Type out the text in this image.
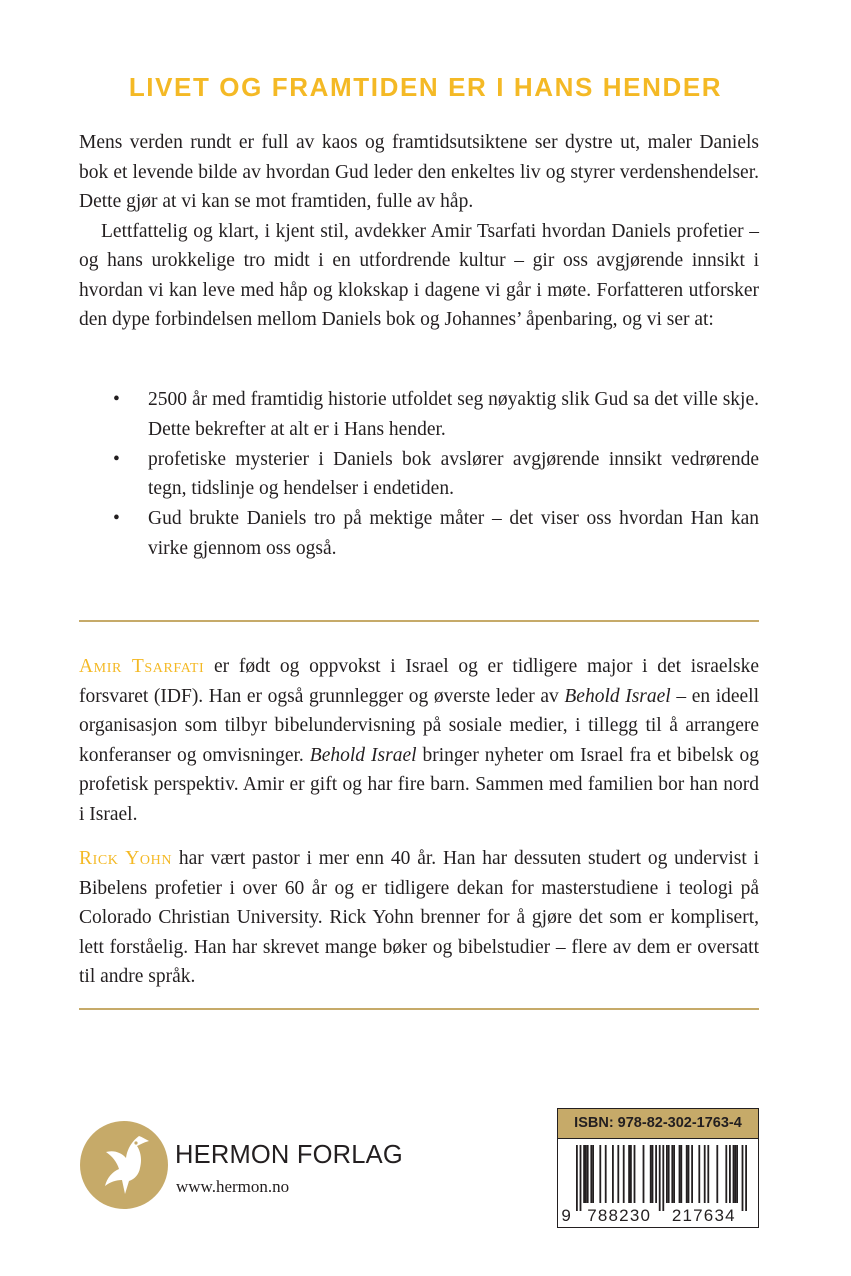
LIVET OG FRAMTIDEN ER I HANS HENDER

Mens verden rundt er full av kaos og framtidsutsiktene ser dystre ut, maler Daniels bok et levende bilde av hvordan Gud leder den enkeltes liv og styrer verdenshendelser. Dette gjør at vi kan se mot framtiden, fulle av håp.

Lettfattelig og klart, i kjent stil, avdekker Amir Tsarfati hvordan Daniels profetier – og hans urokkelige tro midt i en utfordrende kultur – gir oss avgjørende innsikt i hvordan vi kan leve med håp og klokskap i dagene vi går i møte. Forfatteren utforsker den dype forbindelsen mellom Daniels bok og Johannes’ åpenbaring, og vi ser at:

• 2500 år med framtidig historie utfoldet seg nøyaktig slik Gud sa det ville skje. Dette bekrefter at alt er i Hans hender.
• profetiske mysterier i Daniels bok avslører avgjørende innsikt vedrørende tegn, tidslinje og hendelser i endetiden.
• Gud brukte Daniels tro på mektige måter – det viser oss hvordan Han kan virke gjennom oss også.

Amir Tsarfati er født og oppvokst i Israel og er tidligere major i det israelske forsvaret (IDF). Han er også grunnlegger og øverste leder av Behold Israel – en ideell organisasjon som tilbyr bibelundervisning på sosiale medier, i tillegg til å arrangere konferanser og omvisninger. Behold Israel bringer nyheter om Israel fra et bibelsk og profetisk perspektiv. Amir er gift og har fire barn. Sammen med familien bor han nord i Israel.

Rick Yohn har vært pastor i mer enn 40 år. Han har dessuten studert og undervist i Bibelens profetier i over 60 år og er tidligere dekan for masterstudiene i teologi på Colorado Christian University. Rick Yohn brenner for å gjøre det som er komplisert, lett forståelig. Han har skrevet mange bøker og bibelstudier – flere av dem er oversatt til andre språk.

HERMON FORLAG
www.hermon.no
ISBN: 978-82-302-1763-4
9 788230 217634
